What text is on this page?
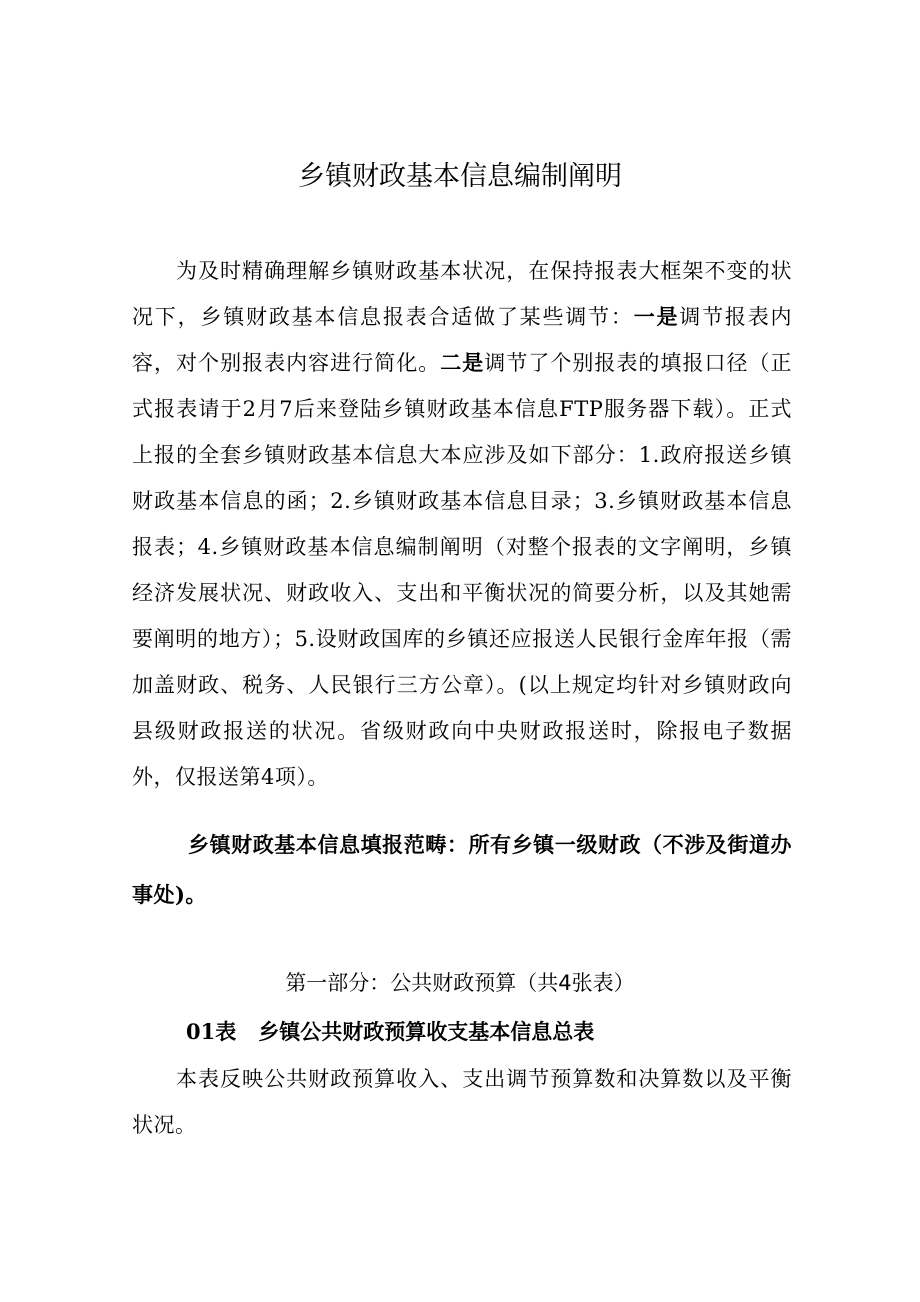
乡镇财政基本信息编制阐明
为及时精确理解乡镇财政基本状况，在保持报表大框架不变的状况下，乡镇财政基本信息报表合适做了某些调节：一是调节报表内容，对个别报表内容进行简化。二是调节了个别报表的填报口径（正式报表请于2月7后来登陆乡镇财政基本信息FTP服务器下载）。正式上报的全套乡镇财政基本信息大本应涉及如下部分：1.政府报送乡镇财政基本信息的函；2.乡镇财政基本信息目录；3.乡镇财政基本信息报表；4.乡镇财政基本信息编制阐明（对整个报表的文字阐明，乡镇经济发展状况、财政收入、支出和平衡状况的简要分析，以及其她需要阐明的地方）；5.设财政国库的乡镇还应报送人民银行金库年报（需加盖财政、税务、人民银行三方公章）。(以上规定均针对乡镇财政向县级财政报送的状况。省级财政向中央财政报送时，除报电子数据外，仅报送第4项）。
乡镇财政基本信息填报范畴：所有乡镇一级财政（不涉及街道办事处)。
第一部分：公共财政预算（共4张表）
01表 乡镇公共财政预算收支基本信息总表
本表反映公共财政预算收入、支出调节预算数和决算数以及平衡状况。
